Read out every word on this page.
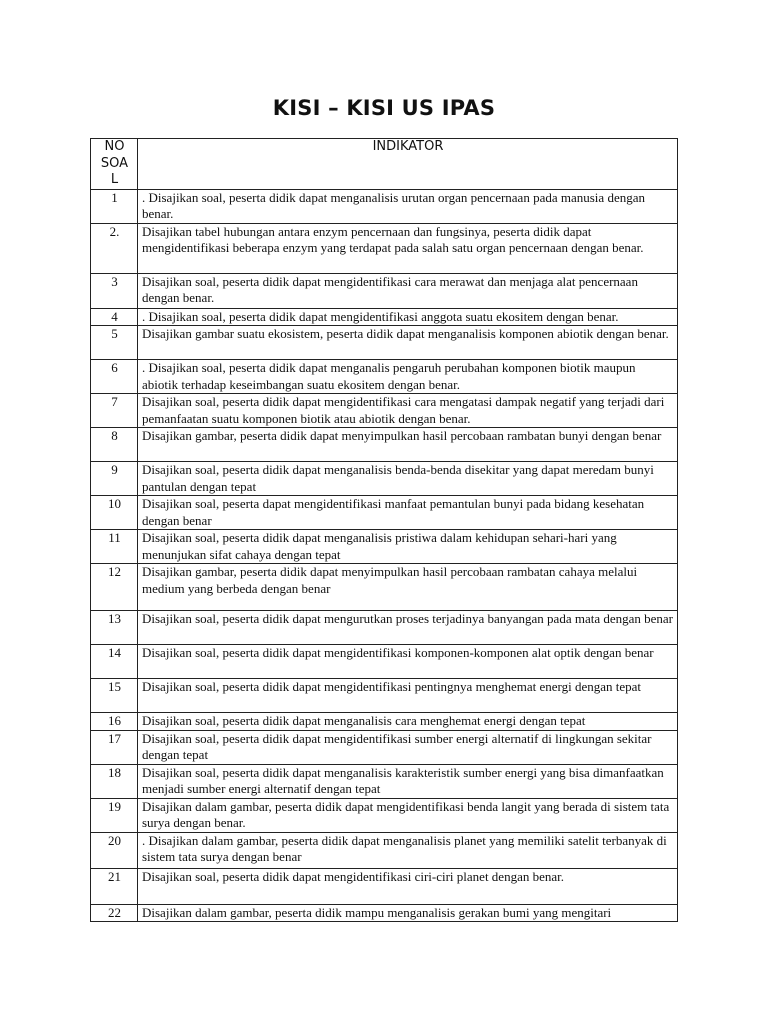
KISI – KISI US IPAS
NO
SOA
L	INDIKATOR
1	. Disajikan soal, peserta didik dapat menganalisis urutan organ pencernaan pada manusia dengan benar.
2.	Disajikan tabel hubungan antara enzym pencernaan dan fungsinya, peserta didik dapat mengidentifikasi beberapa enzym yang terdapat pada salah satu organ pencernaan dengan benar.
3	Disajikan soal, peserta didik dapat mengidentifikasi cara merawat dan menjaga alat pencernaan dengan benar.
4	. Disajikan soal, peserta didik dapat mengidentifikasi anggota suatu ekositem dengan benar.
5	Disajikan gambar suatu ekosistem, peserta didik dapat menganalisis komponen abiotik dengan benar.
6	. Disajikan soal, peserta didik dapat menganalis pengaruh perubahan komponen biotik maupun abiotik terhadap keseimbangan suatu ekositem dengan benar.
7	Disajikan soal, peserta didik dapat mengidentifikasi cara mengatasi dampak negatif yang terjadi dari pemanfaatan suatu komponen biotik atau abiotik dengan benar.
8	Disajikan gambar, peserta didik dapat menyimpulkan hasil percobaan rambatan bunyi dengan benar
9	Disajikan soal, peserta didik dapat menganalisis benda-benda disekitar yang dapat meredam bunyi pantulan dengan tepat
10	Disajikan soal, peserta dapat mengidentifikasi manfaat pemantulan bunyi pada bidang kesehatan dengan benar
11	Disajikan soal, peserta didik dapat menganalisis pristiwa dalam kehidupan sehari-hari yang menunjukan sifat cahaya dengan tepat
12	Disajikan gambar, peserta didik dapat menyimpulkan hasil percobaan rambatan cahaya melalui medium yang berbeda dengan benar
13	Disajikan soal, peserta didik dapat mengurutkan proses terjadinya banyangan pada mata dengan benar
14	Disajikan soal, peserta didik dapat mengidentifikasi komponen-komponen alat optik dengan benar
15	Disajikan soal, peserta didik dapat mengidentifikasi pentingnya menghemat energi dengan tepat
16	Disajikan soal, peserta didik dapat menganalisis cara menghemat energi dengan tepat
17	Disajikan soal, peserta didik dapat mengidentifikasi sumber energi alternatif di lingkungan sekitar dengan tepat
18	Disajikan soal, peserta didik dapat menganalisis karakteristik sumber energi yang bisa dimanfaatkan menjadi sumber energi alternatif dengan tepat
19	Disajikan dalam gambar, peserta didik dapat mengidentifikasi benda langit yang berada di sistem tata surya dengan benar.
20	. Disajikan dalam gambar, peserta didik dapat menganalisis planet yang memiliki satelit terbanyak di sistem tata surya dengan benar
21	Disajikan soal, peserta didik dapat mengidentifikasi ciri-ciri planet dengan benar.
22	Disajikan dalam gambar, peserta didik mampu menganalisis gerakan bumi yang mengitari
